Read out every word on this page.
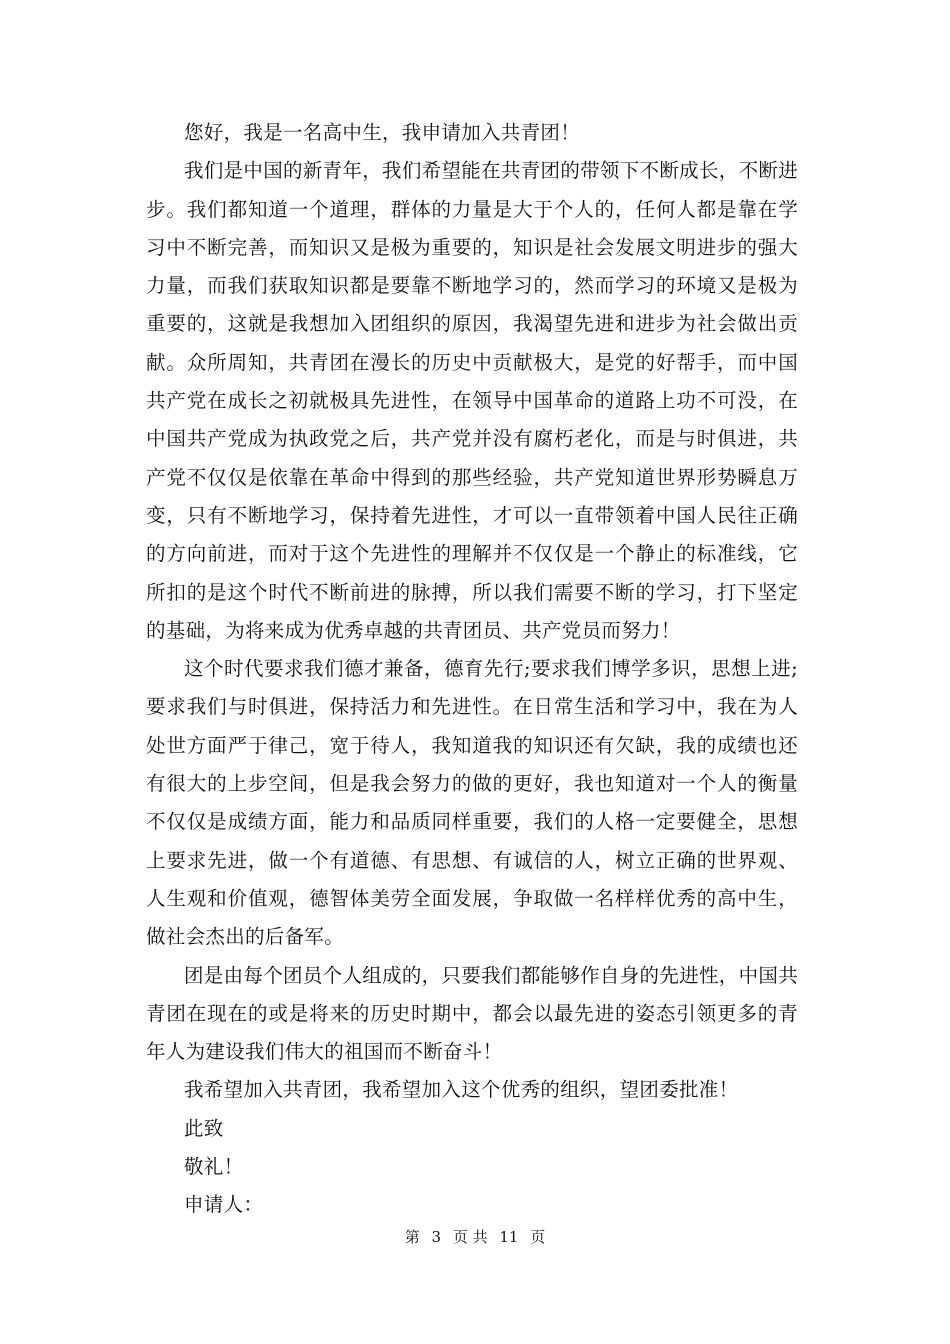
您好，我是一名高中生，我申请加入共青团！

我们是中国的新青年，我们希望能在共青团的带领下不断成长，不断进步。我们都知道一个道理，群体的力量是大于个人的，任何人都是靠在学习中不断完善，而知识又是极为重要的，知识是社会发展文明进步的强大力量，而我们获取知识都是要靠不断地学习的，然而学习的环境又是极为重要的，这就是我想加入团组织的原因，我渴望先进和进步为社会做出贡献。众所周知，共青团在漫长的历史中贡献极大，是党的好帮手，而中国共产党在成长之初就极具先进性，在领导中国革命的道路上功不可没，在中国共产党成为执政党之后，共产党并没有腐朽老化，而是与时俱进，共产党不仅仅是依靠在革命中得到的那些经验，共产党知道世界形势瞬息万变，只有不断地学习，保持着先进性，才可以一直带领着中国人民往正确的方向前进，而对于这个先进性的理解并不仅仅是一个静止的标准线，它所扣的是这个时代不断前进的脉搏，所以我们需要不断的学习，打下坚定的基础，为将来成为优秀卓越的共青团员、共产党员而努力！

这个时代要求我们德才兼备，德育先行;要求我们博学多识，思想上进;要求我们与时俱进，保持活力和先进性。在日常生活和学习中，我在为人处世方面严于律己，宽于待人，我知道我的知识还有欠缺，我的成绩也还有很大的上步空间，但是我会努力的做的更好，我也知道对一个人的衡量不仅仅是成绩方面，能力和品质同样重要，我们的人格一定要健全，思想上要求先进，做一个有道德、有思想、有诚信的人，树立正确的世界观、人生观和价值观，德智体美劳全面发展，争取做一名样样优秀的高中生，做社会杰出的后备军。

团是由每个团员个人组成的，只要我们都能够作自身的先进性，中国共青团在现在的或是将来的历史时期中，都会以最先进的姿态引领更多的青年人为建设我们伟大的祖国而不断奋斗！

我希望加入共青团，我希望加入这个优秀的组织，望团委批准！

此致

敬礼！

申请人：

第 3 页 共 11 页
